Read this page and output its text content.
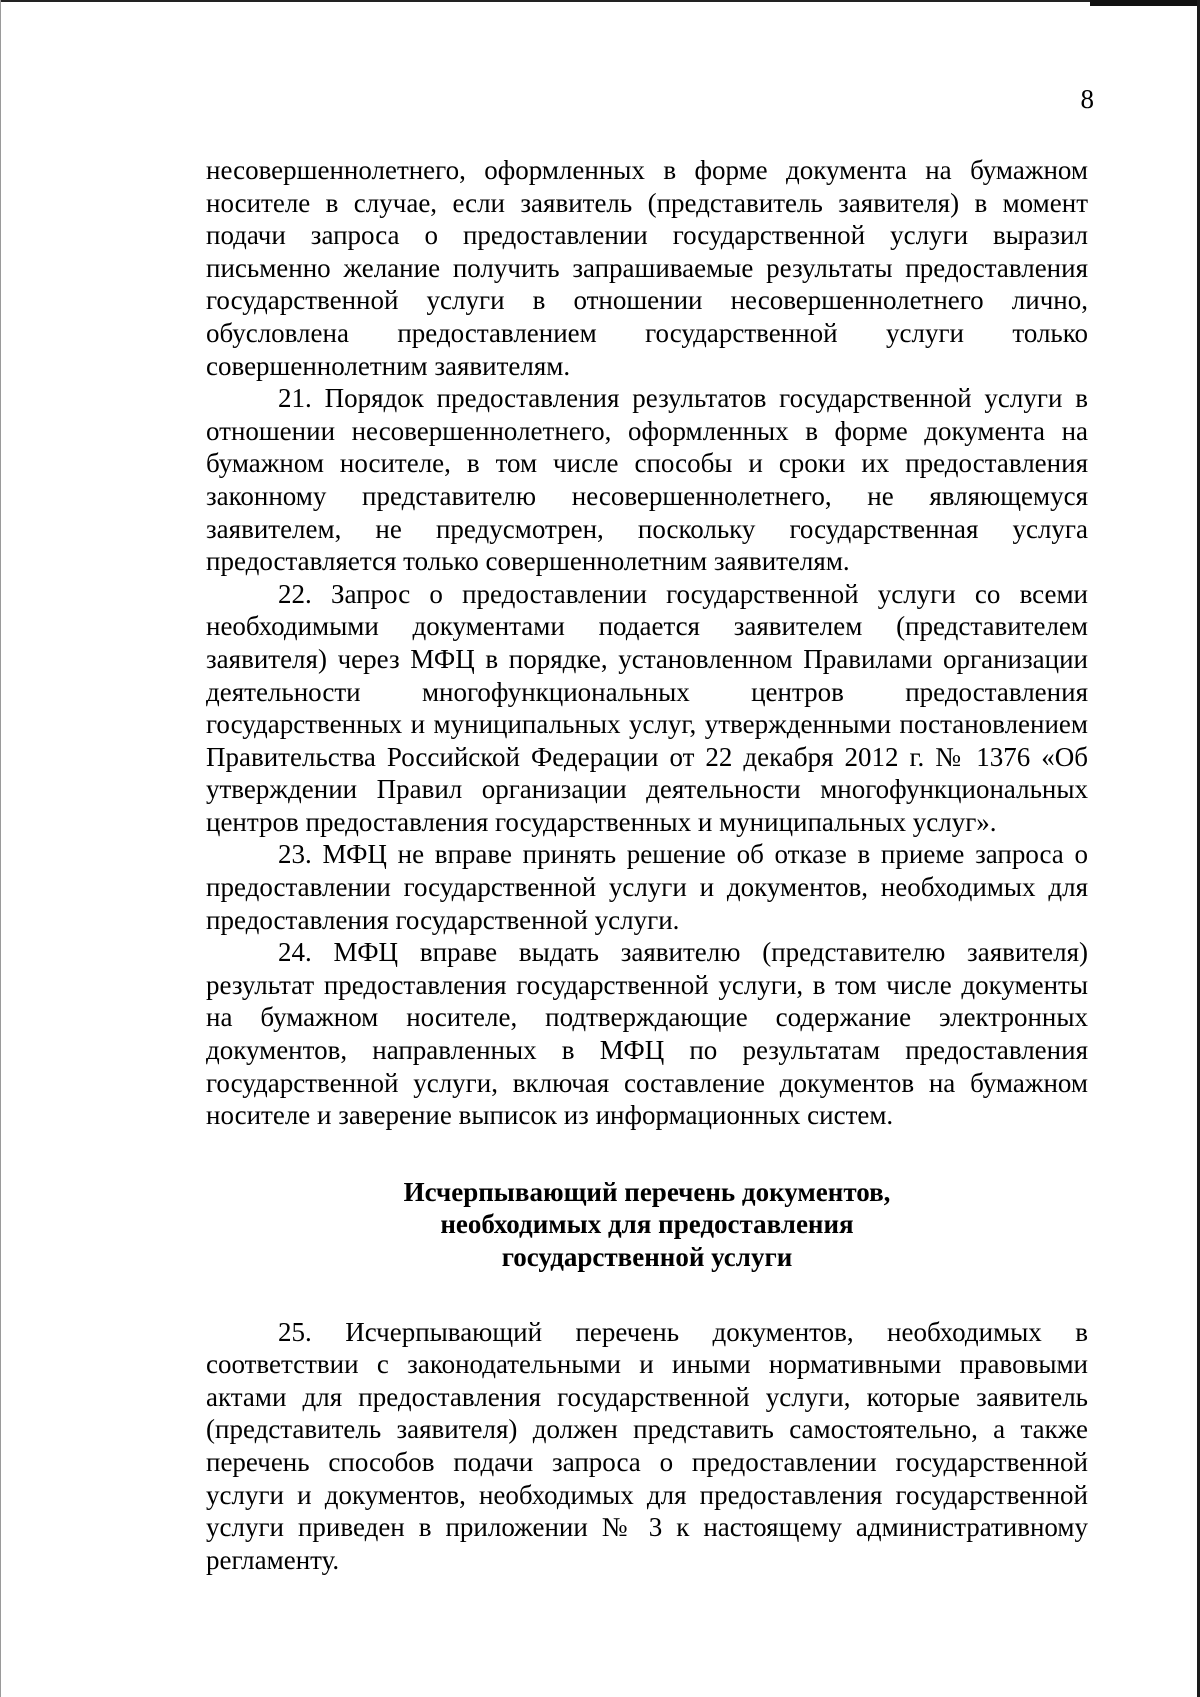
8

несовершеннолетнего, оформленных в форме документа на бумажном носителе в случае, если заявитель (представитель заявителя) в момент подачи запроса о предоставлении государственной услуги выразил письменно желание получить запрашиваемые результаты предоставления государственной услуги в отношении несовершеннолетнего лично, обусловлена предоставлением государственной услуги только совершеннолетним заявителям.

21. Порядок предоставления результатов государственной услуги в отношении несовершеннолетнего, оформленных в форме документа на бумажном носителе, в том числе способы и сроки их предоставления законному представителю несовершеннолетнего, не являющемуся заявителем, не предусмотрен, поскольку государственная услуга предоставляется только совершеннолетним заявителям.

22. Запрос о предоставлении государственной услуги со всеми необходимыми документами подается заявителем (представителем заявителя) через МФЦ в порядке, установленном Правилами организации деятельности многофункциональных центров предоставления государственных и муниципальных услуг, утвержденными постановлением Правительства Российской Федерации от 22 декабря 2012 г. № 1376 «Об утверждении Правил организации деятельности многофункциональных центров предоставления государственных и муниципальных услуг».

23. МФЦ не вправе принять решение об отказе в приеме запроса о предоставлении государственной услуги и документов, необходимых для предоставления государственной услуги.

24. МФЦ вправе выдать заявителю (представителю заявителя) результат предоставления государственной услуги, в том числе документы на бумажном носителе, подтверждающие содержание электронных документов, направленных в МФЦ по результатам предоставления государственной услуги, включая составление документов на бумажном носителе и заверение выписок из информационных систем.

Исчерпывающий перечень документов,
необходимых для предоставления
государственной услуги

25. Исчерпывающий перечень документов, необходимых в соответствии с законодательными и иными нормативными правовыми актами для предоставления государственной услуги, которые заявитель (представитель заявителя) должен представить самостоятельно, а также перечень способов подачи запроса о предоставлении государственной услуги и документов, необходимых для предоставления государственной услуги приведен в приложении № 3 к настоящему административному регламенту.
